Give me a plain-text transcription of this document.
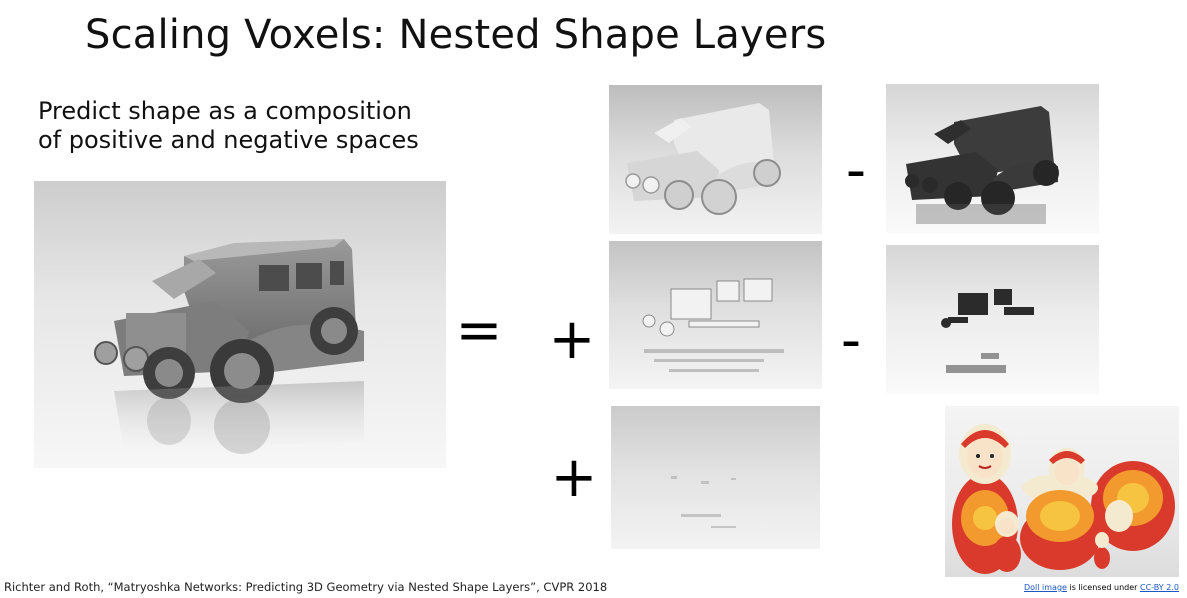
Scaling Voxels: Nested Shape Layers
Predict shape as a composition
of positive and negative spaces
= +
+
-
-
Richter and Roth, “Matryoshka Networks: Predicting 3D Geometry via Nested Shape Layers”, CVPR 2018	Doll image is licensed under CC-BY 2.0
